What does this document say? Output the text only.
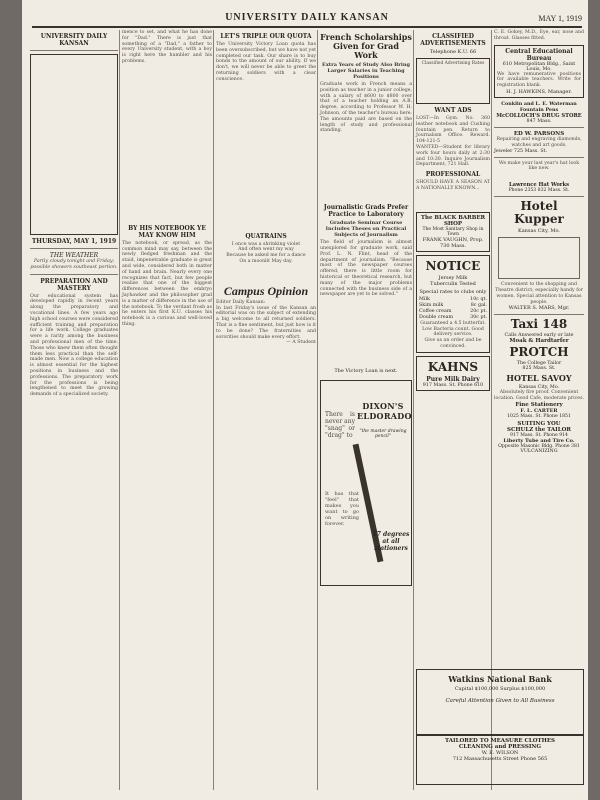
UNIVERSITY DAILY KANSAN	MAY 1, 1919
UNIVERSITY DAILY KANSAN
THURSDAY, MAY 1, 1919
THE WEATHER
Partly cloudy tonight and Friday; possible showers southeast portion.
PREPARATION AND MASTERY

Our educational system has developed rapidly in recent years along the preparatory and vocational lines. A few years ago high school courses were considered sufficient training and preparation for a life work. College graduates were a rarity among the business and professional men of the time. Those who knew them often thought them less practical than the self-made men. Now a college education is almost essential for the highest positions in business and the professions. The preparatory work for the professions is being lengthened to meet the growing demands of a specialized society.

mence to set, and what he has done for "Dad." There is just that something of a "Dad," a father to every University student, with a boy is right here the humbler and his problems.

BY HIS NOTEBOOK YE MAY KNOW HIM

The notebook, or spread, as the common mind may say, between the newly fledged freshman and the staid, impenetrable graduate is great and wide, considered both in matter of hand and brain. Nearly every one recognizes that fact, but few people realize that one of the biggest differences between the embryo Jayhawker and the philosopher grad is a matter of difference in the use of the notebook. To the verdant frosh as he enters his first K.U. classes his notebook is a curious and well-loved thing.

LET'S TRIPLE OUR QUOTA

The University Victory Loan quota has been oversubscribed, but we have not yet completed our task. Our share is to buy bonds to the amount of our ability. If we don't, we will never be able to greet the returning soldiers with a clear conscience.

QUATRAINS

I once was a shrinking violet
And often went my way
Because be asked me for a dance
On a moonlit May day.

Campus Opinion

Editor Daily Kansan:
In last Friday's issue of the Kansan an editorial was on the subject of extending a big welcome to all returned soldiers. That is a fine sentiment, but just how is it to be done? The fraternities and sororities should make every effort.

— A Student

French Scholarships Given for Grad Work
Extra Years of Study Also Bring Larger Salaries in Teaching Positions

Graduate work in French means a position as teacher in a junior college, with a salary of $600 to $800 over that of a teacher holding an A.B. degree, according to Professor W. H. Johnson, of the teacher's bureau here. The amounts paid are based on the length of study and professional standing.

Journalistic Grads Prefer Practice to Laboratory
Graduate Seminar Course Includes Theses on Practical Subjects of Journalism

The field of journalism is almost unexplored for graduate work, said Prof. L. N. Flint, head of the department of journalism. "Because most of the newspaper courses offered, there is little room for historical or theoretical research, but many of the major problems connected with the business side of a newspaper are yet to be solved."

The Victory Loan is next.
There is never any "snag" or "drag" to
DIXON'S ELDORADO
"the master drawing pencil"
It has that "feel" that makes you want to go on writing forever.
17 degrees at all stationers
CLASSIFIED ADVERTISEMENTS
Telephone K.U. 66
Classified Advertising Rates
WANT ADS

LOST—In Gym. No. 360 leather notebook and Cushing fountain pen. Return to Journalism Office. Reward. 104-121-5

WANTED—Student for library work four hours daily at 2:30 and 10:30. Inquire Journalism Department, 721 Hall.

PROFESSIONAL

SHOULD HAVE A SEASON AT A NATIONALLY KNOWN...

The BLACK BARBER SHOP
The Most Sanitary Shop in Town
FRANK VAUGHN, Prop. 730 Mass.
NOTICE
Jersey Milk
Tuberculin Tested
Special rates to clubs only
Milk	10c qt.
Skim milk	8c gal.
Coffee cream	20c pt.
Double cream	30c pt.

Guaranteed a 4.5 butterfat. Low Bacteria count. Good delivery service.

Give us an order and be convinced.

KAHNS
Pure Milk Dairy
917 Mass. St. Phone 610

C. E. Gokey, M.D., Eye, ear, nose and throat. Glasses fitted.

Central Educational Bureau
610 Metropolitan Bldg., Saint Louis, Mo.

We have remunerative positions for available teachers. Write for registration blank.

H. J. HAWKINS, Manager.
Conklin and L. E. Waterman Fountain Pens
McCOLLOCH'S DRUG STORE
847 Mass.
ED W. PARSONS

Repairing and engraving diamonds, watches and art goods.

Jeweler 725 Mass. St.

We make your last year's hat look like new.

Lawrence Hat Works
Phone 2353 832 Mass. St.
Hotel Kupper
Kansas City, Mo.

Convenient to the shopping and Theatre district; especially handy for women. Special attention to Kansas people.

WALTER S. MARS, Mgr.
Taxi 148
Calls Answered early or late
Moak & Hardtarfer
PROTCH
The College Tailor
825 Mass. St.
HOTEL SAVOY
Kansas City, Mo.

Absolutely fire proof. Convenient location. Good Cafe, moderate prices.

Fine Stationery
F. L. CARTER
1025 Mass. St. Phone 1851
SUITING YOU
SCHULZ the TAILOR
917 Mass. St. Phone 914
Liberty Tube and Tire Co.
Opposite Masonic Bldg. Phone 381
VULCANIZING
Watkins National Bank
Capital $100,000 Surplus $100,000
Careful Attention Given to All Business
TAILORED TO MEASURE CLOTHES
CLEANING and PRESSING
W. E. WILSON
712 Massachusetts Street Phone 565
